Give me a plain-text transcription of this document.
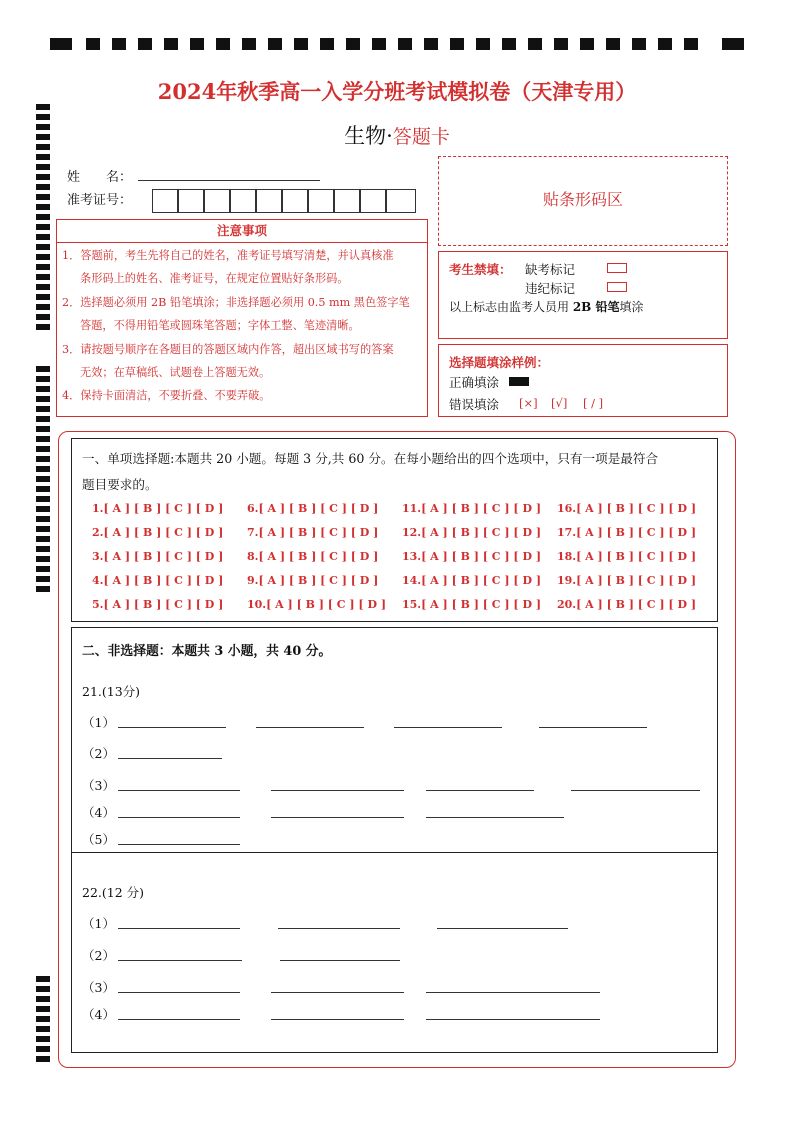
2024年秋季高一入学分班考试模拟卷（天津专用）
生物·答题卡
姓　　名：
准考证号：	贴条形码区
注意事项
1．答题前，考生先将自己的姓名，准考证号填写清楚，并认真核准
条形码上的姓名、准考证号，在规定位置贴好条形码。
2．选择题必须用 2B 铅笔填涂；非选择题必须用 0.5 mm 黑色签字笔
答题，不得用铅笔或圆珠笔答题；字体工整、笔迹清晰。
3．请按题号顺序在各题目的答题区域内作答，超出区域书写的答案
无效；在草稿纸、试题卷上答题无效。
4．保持卡面清洁，不要折叠、不要弄破。
考生禁填： 缺考标记
违纪标记
以上标志由监考人员用 2B 铅笔填涂
选择题填涂样例：
正确填涂
错误填涂 [×] [√] [ / ]
一、单项选择题:本题共 20 小题。每题 3 分,共 60 分。在每小题给出的四个选项中，只有一项是最符合
题目要求的。
1.[ A ] [ B ] [ C ] [ D ]
2.[ A ] [ B ] [ C ] [ D ]
3.[ A ] [ B ] [ C ] [ D ]
4.[ A ] [ B ] [ C ] [ D ]
5.[ A ] [ B ] [ C ] [ D ]
6.[ A ] [ B ] [ C ] [ D ]
7.[ A ] [ B ] [ C ] [ D ]
8.[ A ] [ B ] [ C ] [ D ]
9.[ A ] [ B ] [ C ] [ D ]
10.[ A ] [ B ] [ C ] [ D ]
11.[ A ] [ B ] [ C ] [ D ]
12.[ A ] [ B ] [ C ] [ D ]
13.[ A ] [ B ] [ C ] [ D ]
14.[ A ] [ B ] [ C ] [ D ]
15.[ A ] [ B ] [ C ] [ D ]
16.[ A ] [ B ] [ C ] [ D ]
17.[ A ] [ B ] [ C ] [ D ]
18.[ A ] [ B ] [ C ] [ D ]
19.[ A ] [ B ] [ C ] [ D ]
20.[ A ] [ B ] [ C ] [ D ]
二、非选择题：本题共 3 小题，共 40 分。
21.(13分)
（1）
（2）
（3）
（4）
（5）
22.(12 分)
（1）
（2）
（3）
（4）
